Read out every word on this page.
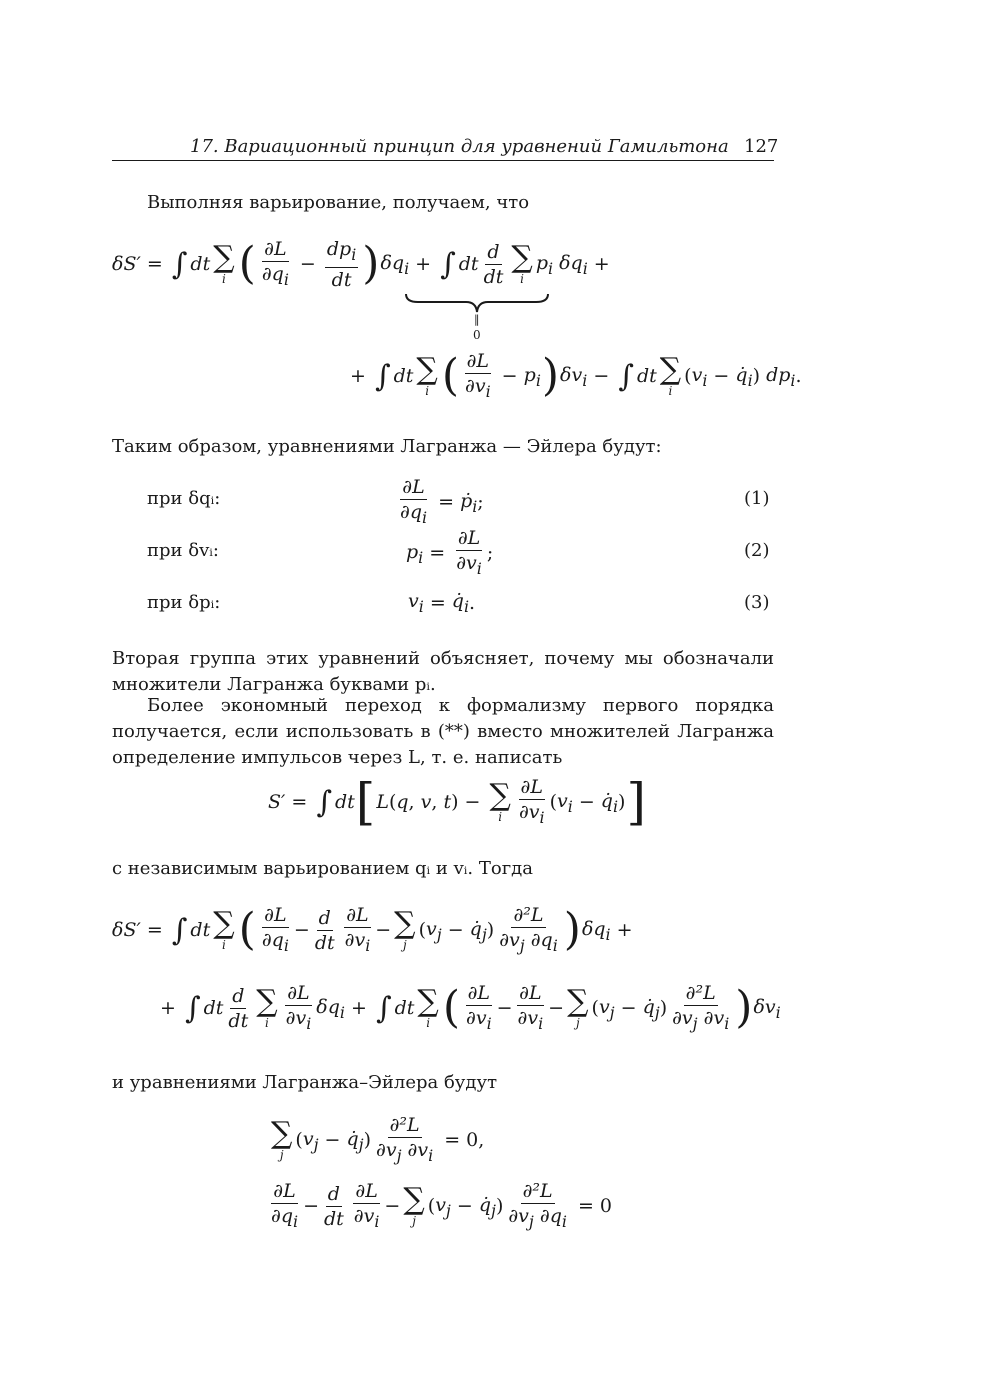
17. Вариационный принцип для уравнений Гамильтона 127
Выполняя варьирование, получаем, что
δS′ = ∫ dt ∑
i ( $\frac{\partial L}{\partial q_i} - \frac{dp_i}{dt}$ ) $\delta q_i$ + ∫ dt $\frac{d}{dt}$ ∑
i
$p_i$ $\delta q_i$ +
‖
0
+ ∫ dt ∑
i ( $\frac{\partial L}{\partial v_i} - p_i$ ) $\delta v_i$ − ∫ dt ∑
i
( $v_i$ − $q̇_i$ ) $dp_i$ .
Таким образом, уравнениями Лагранжа — Эйлера будут:
при δqᵢ:	$\frac{\partial L}{\partial q_i}$ = ṗ$_i$ ;	(1)
при δvᵢ:	$p_i = \frac{\partial L}{\partial v_i}$ ;	(2)
при δpᵢ:	$v_i$ = $q̇_i$ .	(3)
Вторая группа этих уравнений объясняет, почему мы обозначали множители Лагранжа буквами pᵢ.
Более экономный переход к формализму первого порядка получается, если использовать в (**) вместо множителей Лагранжа определение импульсов через L, т. е. написать
S′ = ∫ dt [ L ( q , v , t ) − ∑
i $\frac{\partial L}{\partial v_i}$ ( $v_i$ − $q̇_i$ ) ]
с независимым варьированием qᵢ и vᵢ. Тогда
δS′ = ∫ dt ∑
i ( $\frac{\partial L}{\partial q_i} - \frac{d}{dt} \frac{\partial L}{\partial v_i}$ − ∑
j
( $v_j$ − $q̇_j$ ) $\frac{\text{∂²L}}{\partial v_j \partial q_i}$ ) $\delta q_i$ +
+ ∫ dt $\frac{d}{dt}$ ∑
i $\frac{\partial L}{\partial v_i} \delta q_i$ + ∫ dt ∑
i ( $\frac{\partial L}{\partial v_i} - \frac{\partial L}{\partial v_i}$ − ∑
j
( $v_j$ − $q̇_j$ ) $\frac{\text{∂²L}}{\partial v_j \partial v_i}$ ) $\delta v_i$
и уравнениями Лагранжа–Эйлера будут
∑
j
( $v_j$ − $q̇_j$ ) $\frac{\text{∂²L}}{\partial v_j \partial v_i} = 0$,
$\frac{\partial L}{\partial q_i} - \frac{d}{dt} \frac{\partial L}{\partial v_i}$ − ∑
j
( $v_j$ − $q̇_j$ ) $\frac{\text{∂²L}}{\partial v_j \partial q_i} = 0$
